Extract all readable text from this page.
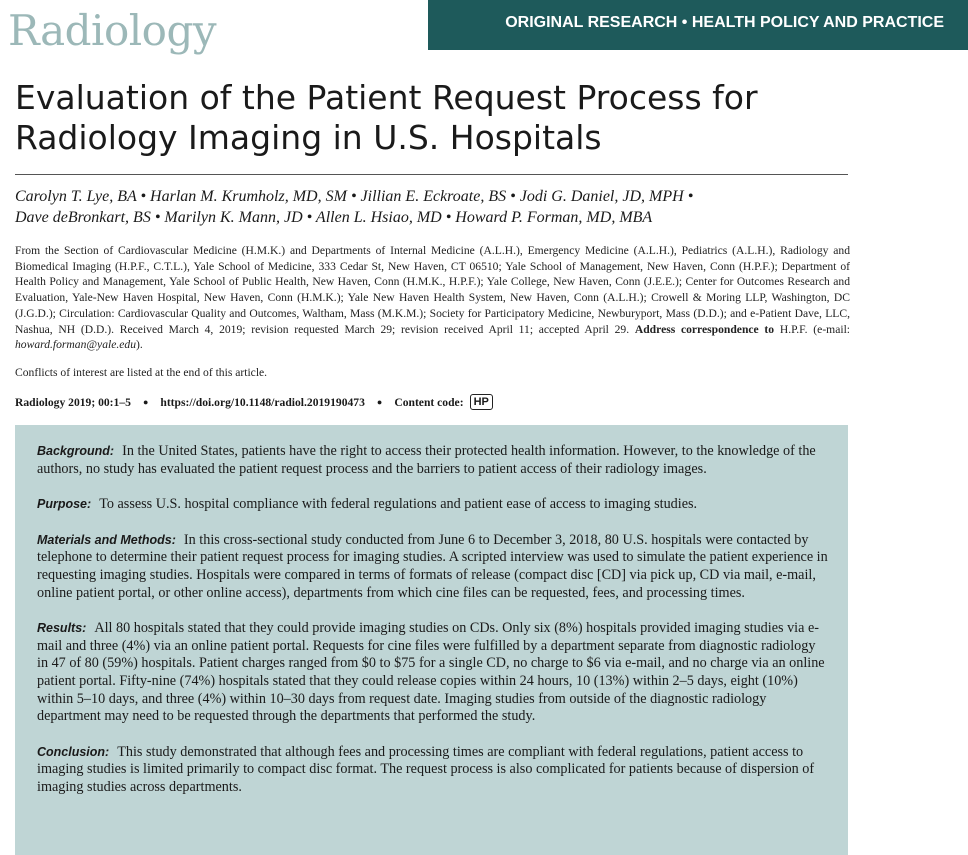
Radiology	ORIGINAL RESEARCH • HEALTH POLICY AND PRACTICE
Evaluation of the Patient Request Process for Radiology Imaging in U.S. Hospitals
Carolyn T. Lye, BA • Harlan M. Krumholz, MD, SM • Jillian E. Eckroate, BS • Jodi G. Daniel, JD, MPH •
Dave deBronkart, BS • Marilyn K. Mann, JD • Allen L. Hsiao, MD • Howard P. Forman, MD, MBA
From the Section of Cardiovascular Medicine (H.M.K.) and Departments of Internal Medicine (A.L.H.), Emergency Medicine (A.L.H.), Pediatrics (A.L.H.), Radiology and Biomedical Imaging (H.P.F., C.T.L.), Yale School of Medicine, 333 Cedar St, New Haven, CT 06510; Yale School of Management, New Haven, Conn (H.P.F.); Department of Health Policy and Management, Yale School of Public Health, New Haven, Conn (H.M.K., H.P.F.); Yale College, New Haven, Conn (J.E.E.); Center for Outcomes Research and Evaluation, Yale-New Haven Hospital, New Haven, Conn (H.M.K.); Yale New Haven Health System, New Haven, Conn (A.L.H.); Crowell & Moring LLP, Washington, DC (J.G.D.); Circulation: Cardiovascular Quality and Outcomes, Waltham, Mass (M.K.M.); Society for Participatory Medicine, Newburyport, Mass (D.D.); and e-Patient Dave, LLC, Nashua, NH (D.D.). Received March 4, 2019; revision requested March 29; revision received April 11; accepted April 29. Address correspondence to H.P.F. (e-mail: howard.forman@yale.edu).
Conflicts of interest are listed at the end of this article.
Radiology 2019; 00:1–5 ● https://doi.org/10.1148/radiol.2019190473 ● Content code: HP

Background: In the United States, patients have the right to access their protected health information. However, to the knowledge of the authors, no study has evaluated the patient request process and the barriers to patient access of their radiology images.

Purpose: To assess U.S. hospital compliance with federal regulations and patient ease of access to imaging studies.

Materials and Methods: In this cross-sectional study conducted from June 6 to December 3, 2018, 80 U.S. hospitals were contacted by telephone to determine their patient request process for imaging studies. A scripted interview was used to simulate the patient experience in requesting imaging studies. Hospitals were compared in terms of formats of release (compact disc [CD] via pick up, CD via mail, e-mail, online patient portal, or other online access), departments from which cine files can be requested, fees, and processing times.

Results: All 80 hospitals stated that they could provide imaging studies on CDs. Only six (8%) hospitals provided imaging studies via e-mail and three (4%) via an online patient portal. Requests for cine files were fulfilled by a department separate from diagnostic radiology in 47 of 80 (59%) hospitals. Patient charges ranged from $0 to $75 for a single CD, no charge to $6 via e-mail, and no charge via an online patient portal. Fifty-nine (74%) hospitals stated that they could release copies within 24 hours, 10 (13%) within 2–5 days, eight (10%) within 5–10 days, and three (4%) within 10–30 days from request date. Imaging studies from outside of the diagnostic radiology department may need to be requested through the departments that performed the study.

Conclusion: This study demonstrated that although fees and processing times are compliant with federal regulations, patient access to imaging studies is limited primarily to compact disc format. The request process is also complicated for patients because of dispersion of imaging studies across departments.
